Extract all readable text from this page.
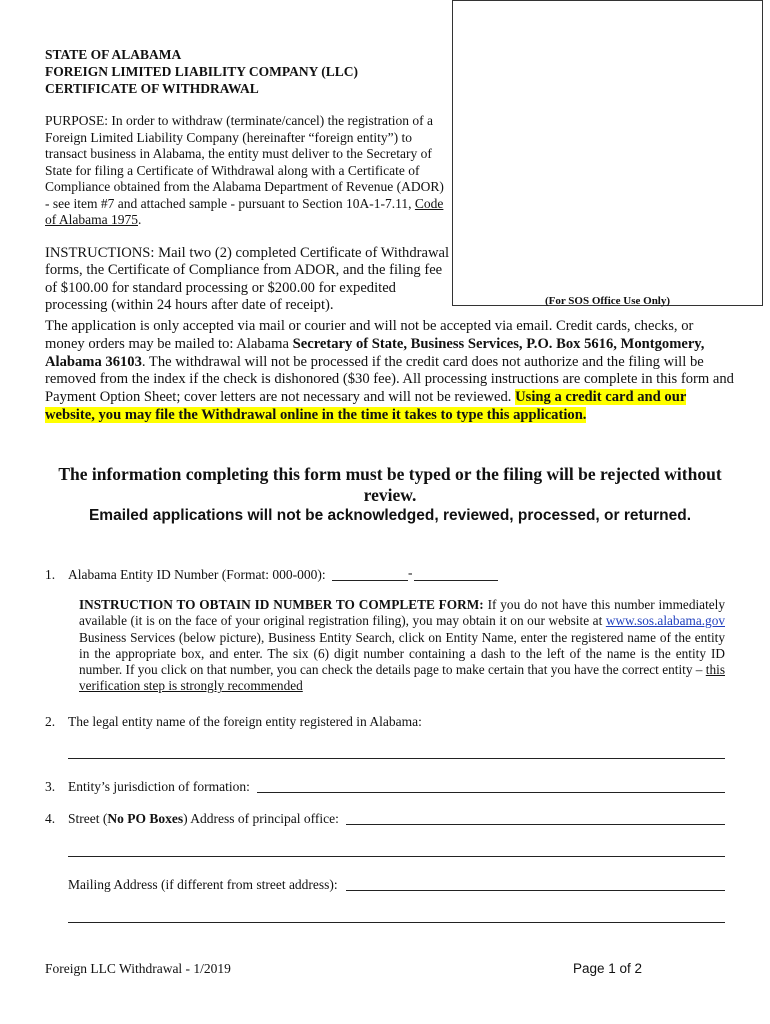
STATE OF ALABAMA
FOREIGN LIMITED LIABILITY COMPANY (LLC)
CERTIFICATE OF WITHDRAWAL
(For SOS Office Use Only)
PURPOSE: In order to withdraw (terminate/cancel) the registration of a Foreign Limited Liability Company (hereinafter “foreign entity”) to transact business in Alabama, the entity must deliver to the Secretary of State for filing a Certificate of Withdrawal along with a Certificate of Compliance obtained from the Alabama Department of Revenue (ADOR) - see item #7 and attached sample - pursuant to Section 10A-1-7.11, Code of Alabama 1975.
INSTRUCTIONS: Mail two (2) completed Certificate of Withdrawal forms, the Certificate of Compliance from ADOR, and the filing fee of $100.00 for standard processing or $200.00 for expedited processing (within 24 hours after date of receipt).
The application is only accepted via mail or courier and will not be accepted via email. Credit cards, checks, or money orders may be mailed to: Alabama Secretary of State, Business Services, P.O. Box 5616, Montgomery, Alabama 36103. The withdrawal will not be processed if the credit card does not authorize and the filing will be removed from the index if the check is dishonored ($30 fee). All processing instructions are complete in this form and Payment Option Sheet; cover letters are not necessary and will not be reviewed. Using a credit card and our website, you may file the Withdrawal online in the time it takes to type this application.
The information completing this form must be typed or the filing will be rejected without review.
Emailed applications will not be acknowledged, reviewed, processed, or returned.
1. Alabama Entity ID Number (Format: 000-000):	-
INSTRUCTION TO OBTAIN ID NUMBER TO COMPLETE FORM: If you do not have this number immediately available (it is on the face of your original registration filing), you may obtain it on our website at www.sos.alabama.gov Business Services (below picture), Business Entity Search, click on Entity Name, enter the registered name of the entity in the appropriate box, and enter. The six (6) digit number containing a dash to the left of the name is the entity ID number. If you click on that number, you can check the details page to make certain that you have the correct entity – this verification step is strongly recommended
2. The legal entity name of the foreign entity registered in Alabama:
3. Entity’s jurisdiction of formation:
4. Street (No PO Boxes) Address of principal office:
Mailing Address (if different from street address):
Foreign LLC Withdrawal - 1/2019	Page 1 of 2
